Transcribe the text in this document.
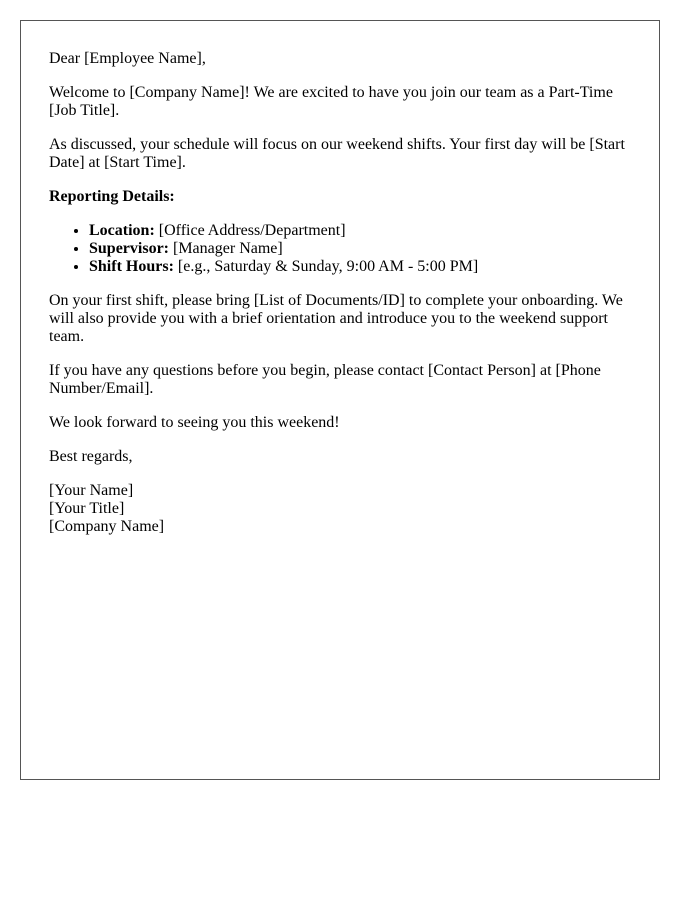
Dear [Employee Name],

Welcome to [Company Name]! We are excited to have you join our team as a Part-Time [Job Title].

As discussed, your schedule will focus on our weekend shifts. Your first day will be [Start Date] at [Start Time].

Reporting Details:

• Location: [Office Address/Department]
• Supervisor: [Manager Name]
• Shift Hours: [e.g., Saturday & Sunday, 9:00 AM - 5:00 PM]

On your first shift, please bring [List of Documents/ID] to complete your onboarding. We will also provide you with a brief orientation and introduce you to the weekend support team.

If you have any questions before you begin, please contact [Contact Person] at [Phone Number/Email].

We look forward to seeing you this weekend!

Best regards,

[Your Name]
[Your Title]
[Company Name]
